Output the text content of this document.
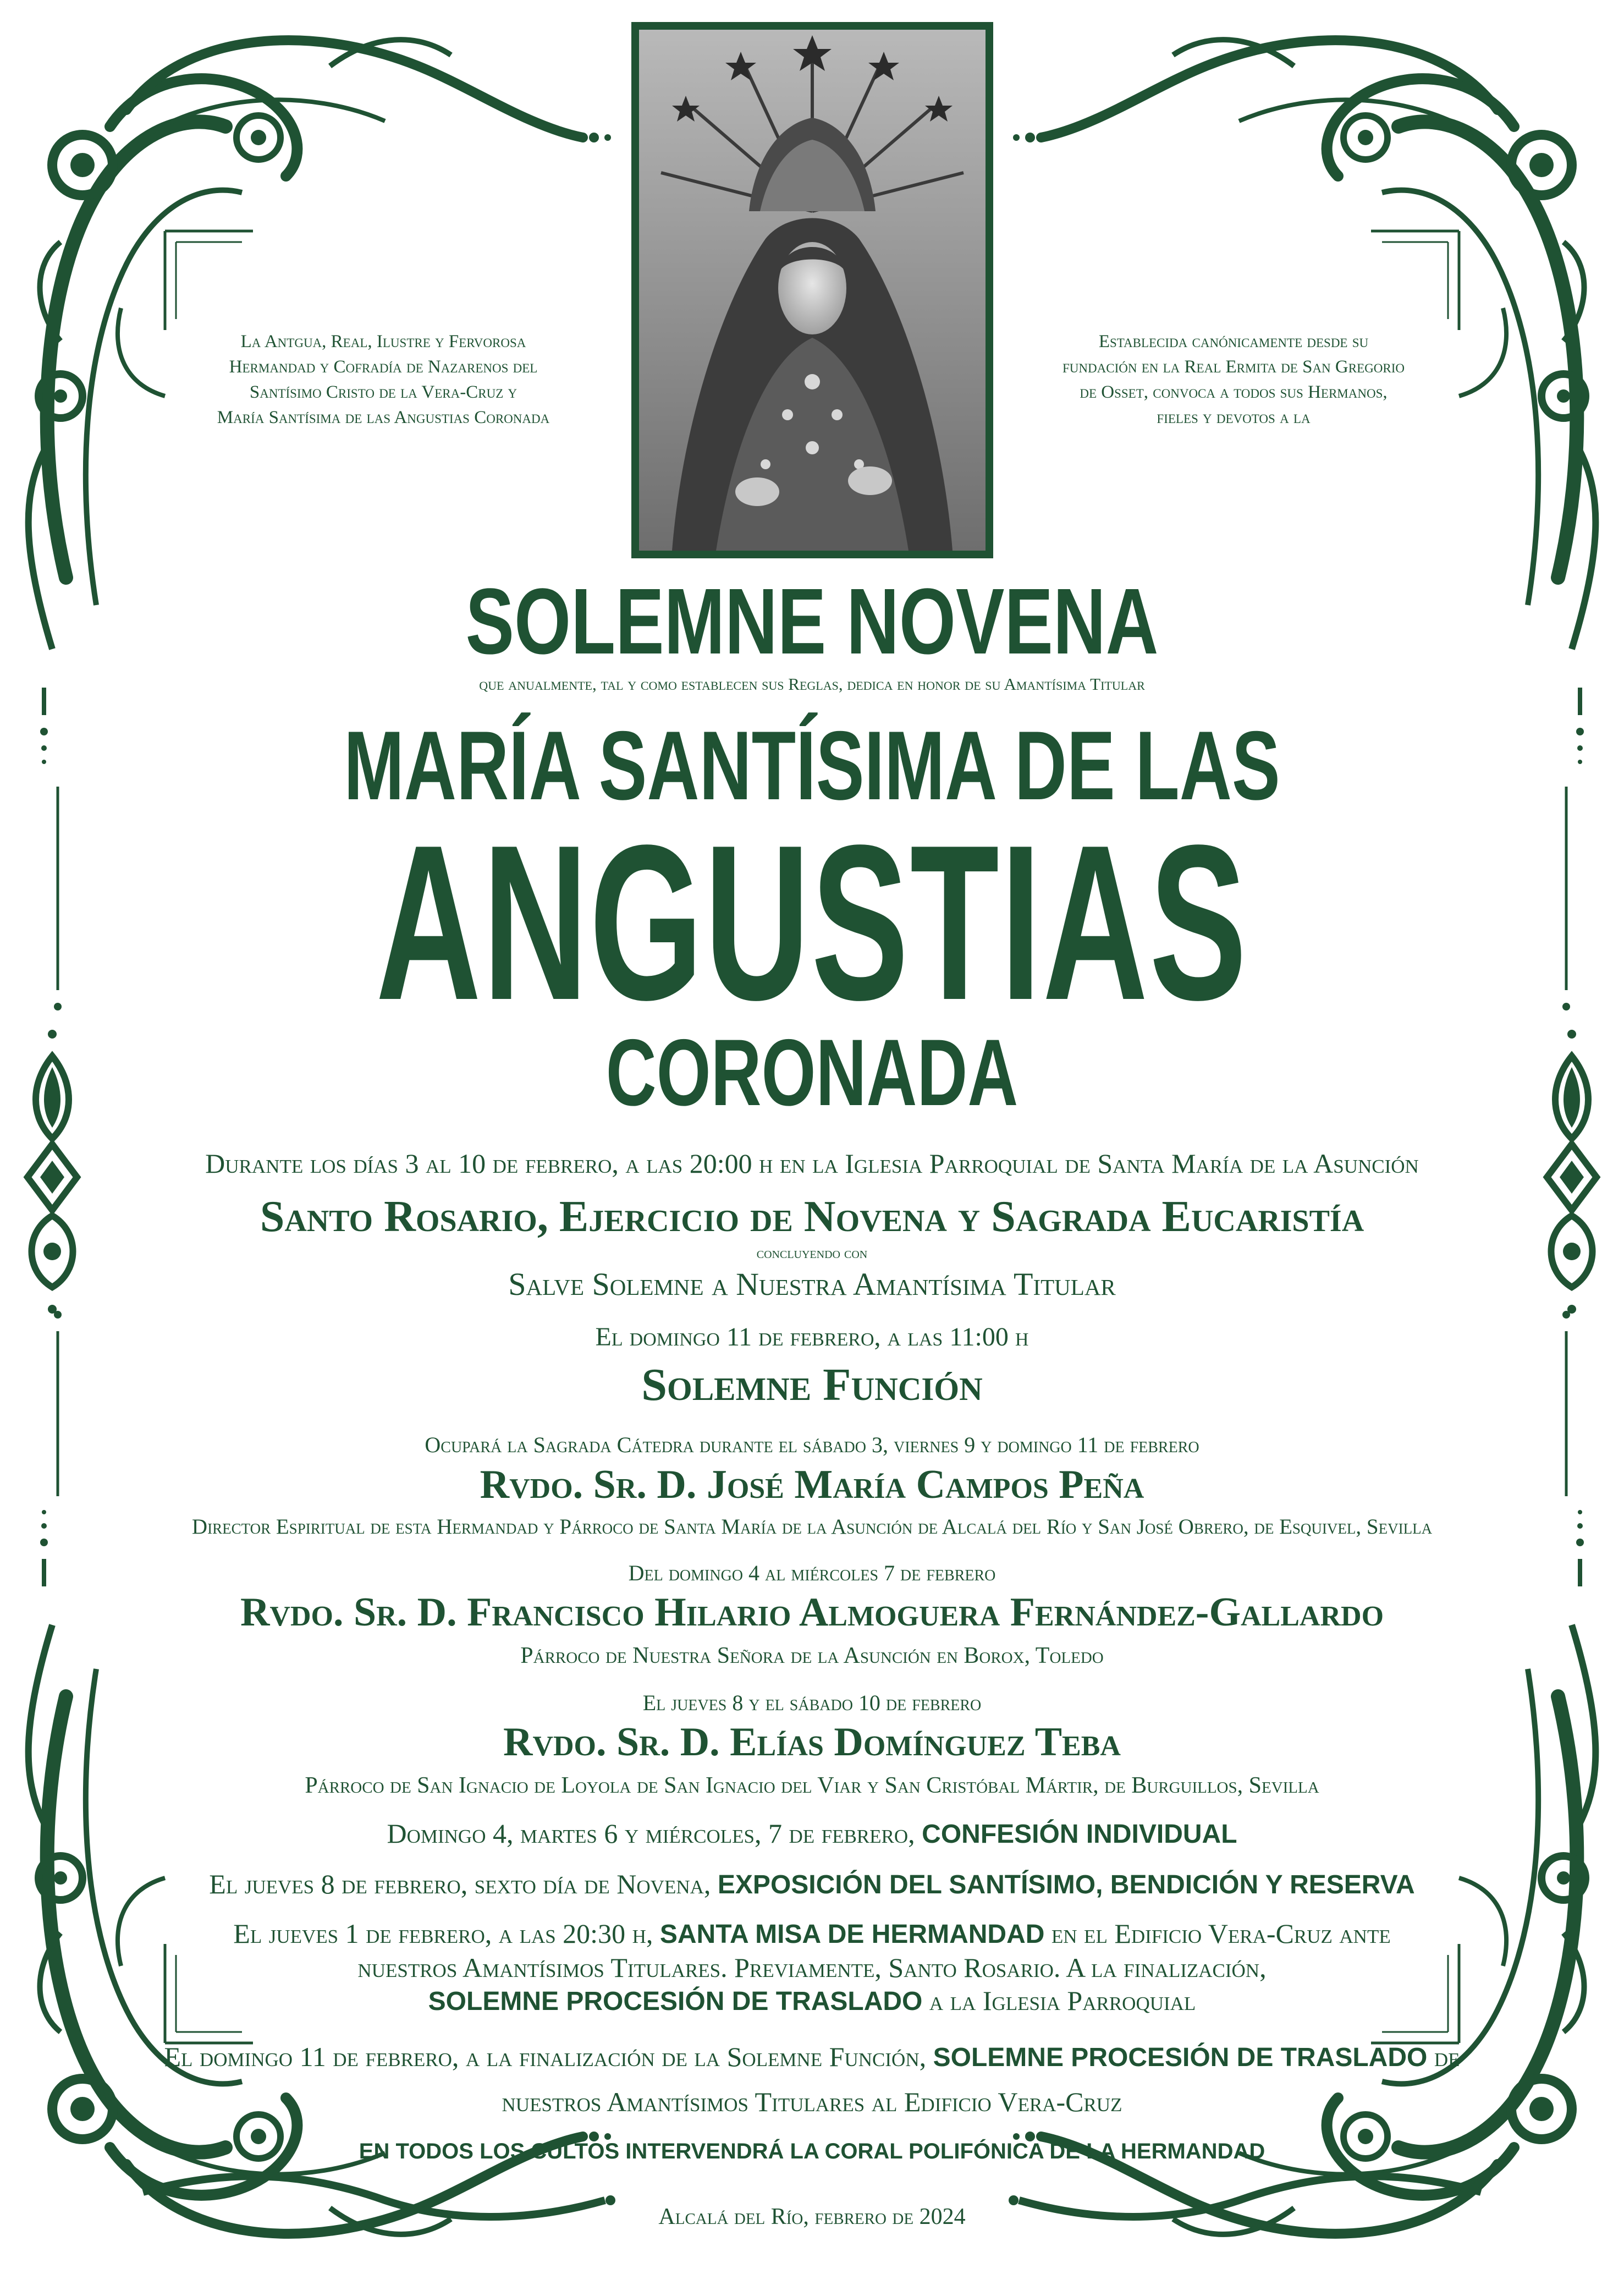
La Antgua, Real, Ilustre y Fervorosa
Hermandad y Cofradía de Nazarenos del
Santísimo Cristo de la Vera-Cruz y
María Santísima de las Angustias Coronada
Establecida canónicamente desde su
fundación en la Real Ermita de San Gregorio
de Osset, convoca a todos sus Hermanos,
fieles y devotos a la
SOLEMNE NOVENA
que anualmente, tal y como establecen sus Reglas, dedica en honor de su Amantísima Titular
MARÍA SANTÍSIMA DE LAS
ANGUSTIAS
CORONADA
Durante los días 3 al 10 de febrero, a las 20:00 h en la Iglesia Parroquial de Santa María de la Asunción
Santo Rosario, Ejercicio de Novena y Sagrada Eucaristía
concluyendo con
Salve Solemne a Nuestra Amantísima Titular
El domingo 11 de febrero, a las 11:00 h
Solemne Función
Ocupará la Sagrada Cátedra durante el sábado 3, viernes 9 y domingo 11 de febrero
Rvdo. Sr. D. José María Campos Peña
Director Espiritual de esta Hermandad y Párroco de Santa María de la Asunción de Alcalá del Río y San José Obrero, de Esquivel, Sevilla
Del domingo 4 al miércoles 7 de febrero
Rvdo. Sr. D. Francisco Hilario Almoguera Fernández-Gallardo
Párroco de Nuestra Señora de la Asunción en Borox, Toledo
El jueves 8 y el sábado 10 de febrero
Rvdo. Sr. D. Elías Domínguez Teba
Párroco de San Ignacio de Loyola de San Ignacio del Viar y San Cristóbal Mártir, de Burguillos, Sevilla
Domingo 4, martes 6 y miércoles, 7 de febrero, CONFESIÓN INDIVIDUAL
El jueves 8 de febrero, sexto día de Novena, EXPOSICIÓN DEL SANTÍSIMO, BENDICIÓN Y RESERVA
El jueves 1 de febrero, a las 20:30 h, SANTA MISA DE HERMANDAD en el Edificio Vera-Cruz ante
nuestros Amantísimos Titulares. Previamente, Santo Rosario. A la finalización,
SOLEMNE PROCESIÓN DE TRASLADO a la Iglesia Parroquial
El domingo 11 de febrero, a la finalización de la Solemne Función, SOLEMNE PROCESIÓN DE TRASLADO de
nuestros Amantísimos Titulares al Edificio Vera-Cruz
EN TODOS LOS CULTOS INTERVENDRÁ LA CORAL POLIFÓNICA DE LA HERMANDAD
Alcalá del Río, febrero de 2024
